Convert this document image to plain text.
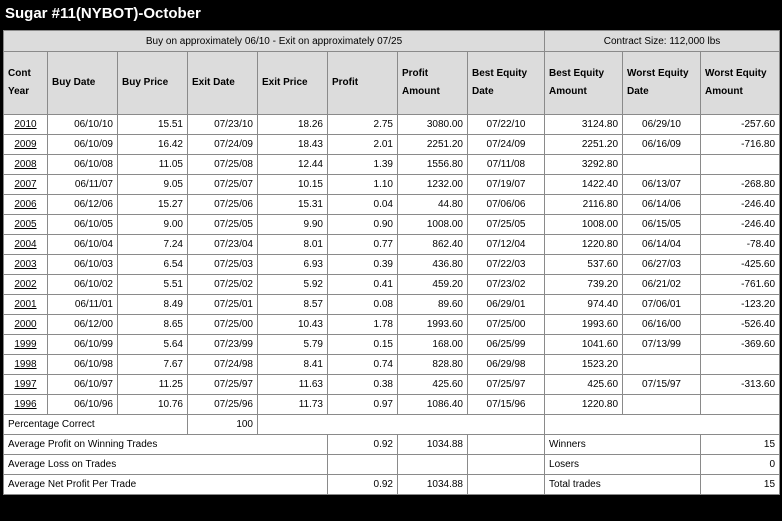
Sugar #11(NYBOT)-October
Buy on approximately 06/10 - Exit on approximately 07/25								Contract Size: 112,000 lbs		
Cont Year	Buy Date	Buy Price	Exit Date	Exit Price	Profit	Profit Amount	Best Equity Date	Best Equity Amount	Worst Equity Date	Worst Equity Amount
2010	06/10/10	15.51	07/23/10	18.26	2.75	3080.00	07/22/10	3124.80	06/29/10	-257.60
2009	06/10/09	16.42	07/24/09	18.43	2.01	2251.20	07/24/09	2251.20	06/16/09	-716.80
2008	06/10/08	11.05	07/25/08	12.44	1.39	1556.80	07/11/08	3292.80		
2007	06/11/07	9.05	07/25/07	10.15	1.10	1232.00	07/19/07	1422.40	06/13/07	-268.80
2006	06/12/06	15.27	07/25/06	15.31	0.04	44.80	07/06/06	2116.80	06/14/06	-246.40
2005	06/10/05	9.00	07/25/05	9.90	0.90	1008.00	07/25/05	1008.00	06/15/05	-246.40
2004	06/10/04	7.24	07/23/04	8.01	0.77	862.40	07/12/04	1220.80	06/14/04	-78.40
2003	06/10/03	6.54	07/25/03	6.93	0.39	436.80	07/22/03	537.60	06/27/03	-425.60
2002	06/10/02	5.51	07/25/02	5.92	0.41	459.20	07/23/02	739.20	06/21/02	-761.60
2001	06/11/01	8.49	07/25/01	8.57	0.08	89.60	06/29/01	974.40	07/06/01	-123.20
2000	06/12/00	8.65	07/25/00	10.43	1.78	1993.60	07/25/00	1993.60	06/16/00	-526.40
1999	06/10/99	5.64	07/23/99	5.79	0.15	168.00	06/25/99	1041.60	07/13/99	-369.60
1998	06/10/98	7.67	07/24/98	8.41	0.74	828.80	06/29/98	1523.20		
1997	06/10/97	11.25	07/25/97	11.63	0.38	425.60	07/25/97	425.60	07/15/97	-313.60
1996	06/10/96	10.76	07/25/96	11.73	0.97	1086.40	07/15/96	1220.80		
Percentage Correct			100							
Average Profit on Winning Trades					0.92	1034.88		Winners		15
Average Loss on Trades								Losers		0
Average Net Profit Per Trade					0.92	1034.88		Total trades		15
